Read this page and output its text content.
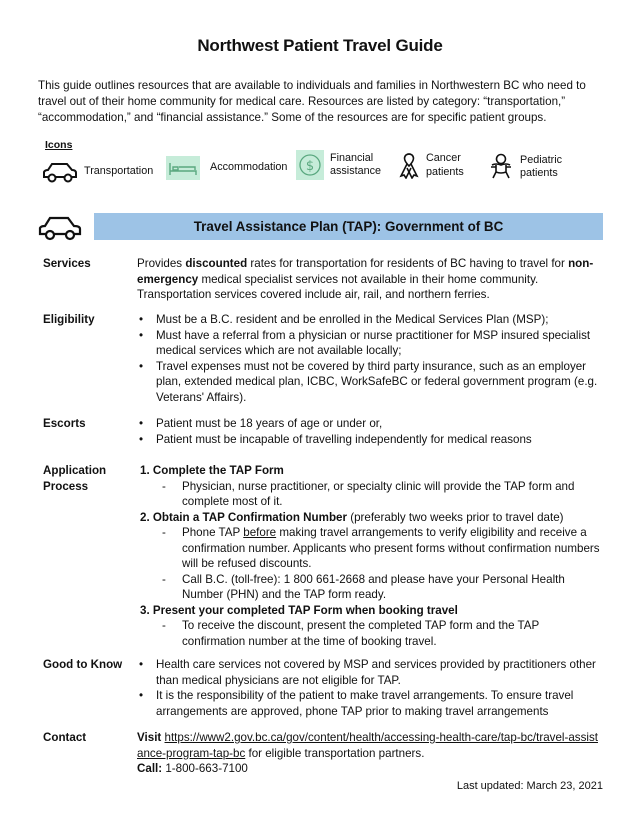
Northwest Patient Travel Guide
This guide outlines resources that are available to individuals and families in Northwestern BC who need to travel out of their home community for medical care. Resources are listed by category: “transportation,” “accommodation,” and “financial assistance.” Some of the resources are for specific patient groups.
Icons
Transportation	Accommodation $
Financial
assistance
Cancer
patients
Pediatric
patients
Travel Assistance Plan (TAP): Government of BC
Services	Provides discounted rates for transportation for residents of BC having to travel for non-emergency medical specialist services not available in their home community. Transportation services covered include air, rail, and northern ferries.
Eligibility	• Must be a B.C. resident and be enrolled in the Medical Services Plan (MSP);
• Must have a referral from a physician or nurse practitioner for MSP insured specialist medical services which are not available locally;
• Travel expenses must not be covered by third party insurance, such as an employer plan, extended medical plan, ICBC, WorkSafeBC or federal government program (e.g. Veterans' Affairs).
Escorts	• Patient must be 18 years of age or under or,
• Patient must be incapable of travelling independently for medical reasons
Application
Process
1. Complete the TAP Form
- Physician, nurse practitioner, or specialty clinic will provide the TAP form and complete most of it.
2. Obtain a TAP Confirmation Number (preferably two weeks prior to travel date)
- Phone TAP before making travel arrangements to verify eligibility and receive a confirmation number. Applicants who present forms without confirmation numbers will be refused discounts.
- Call B.C. (toll-free): 1 800 661-2668 and please have your Personal Health Number (PHN) and the TAP form ready.
3. Present your completed TAP Form when booking travel
- To receive the discount, present the completed TAP form and the TAP confirmation number at the time of booking travel.
Good to Know	• Health care services not covered by MSP and services provided by practitioners other than medical physicians are not eligible for TAP.
• It is the responsibility of the patient to make travel arrangements. To ensure travel arrangements are approved, phone TAP prior to making travel arrangements
Contact	Visit https://www2.gov.bc.ca/gov/content/health/accessing-health-care/tap-bc/travel-assistance-program-tap-bc for eligible transportation partners.
Call: 1-800-663-7100
Last updated: March 23, 2021
